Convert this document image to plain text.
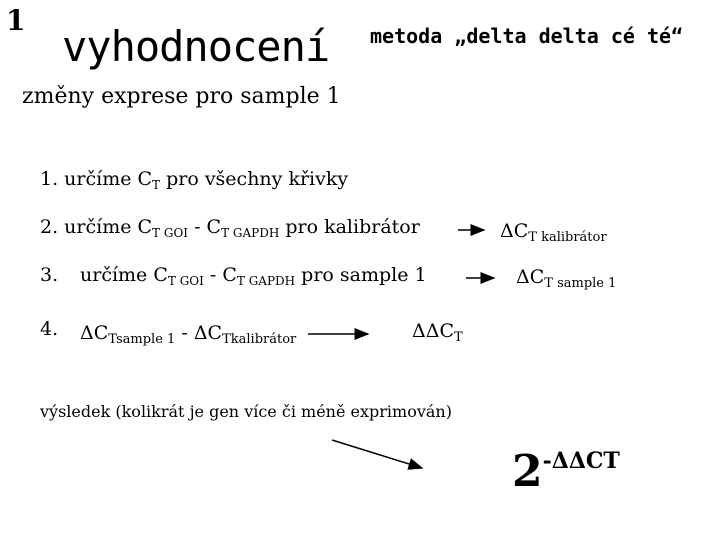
1
vyhodnocení metoda „delta delta cé té“
změny exprese pro sample 1
1. určíme $C_T$ pro všechny křivky
2. určíme $C_{T GOI} - C_{T GAPDH}$ pro kalibrátor	$\Delta C_{T kalibrátor}$
3. určíme $C_{T GOI} - C_{T GAPDH}$ pro sample 1	$\Delta C_{T sample 1}$
4. $\Delta C_{Tsample 1} - \Delta C_{Tkalibrátor}$	$\Delta\Delta C_T$
výsledek (kolikrát je gen více či méně exprimován)
2-ΔΔCT
